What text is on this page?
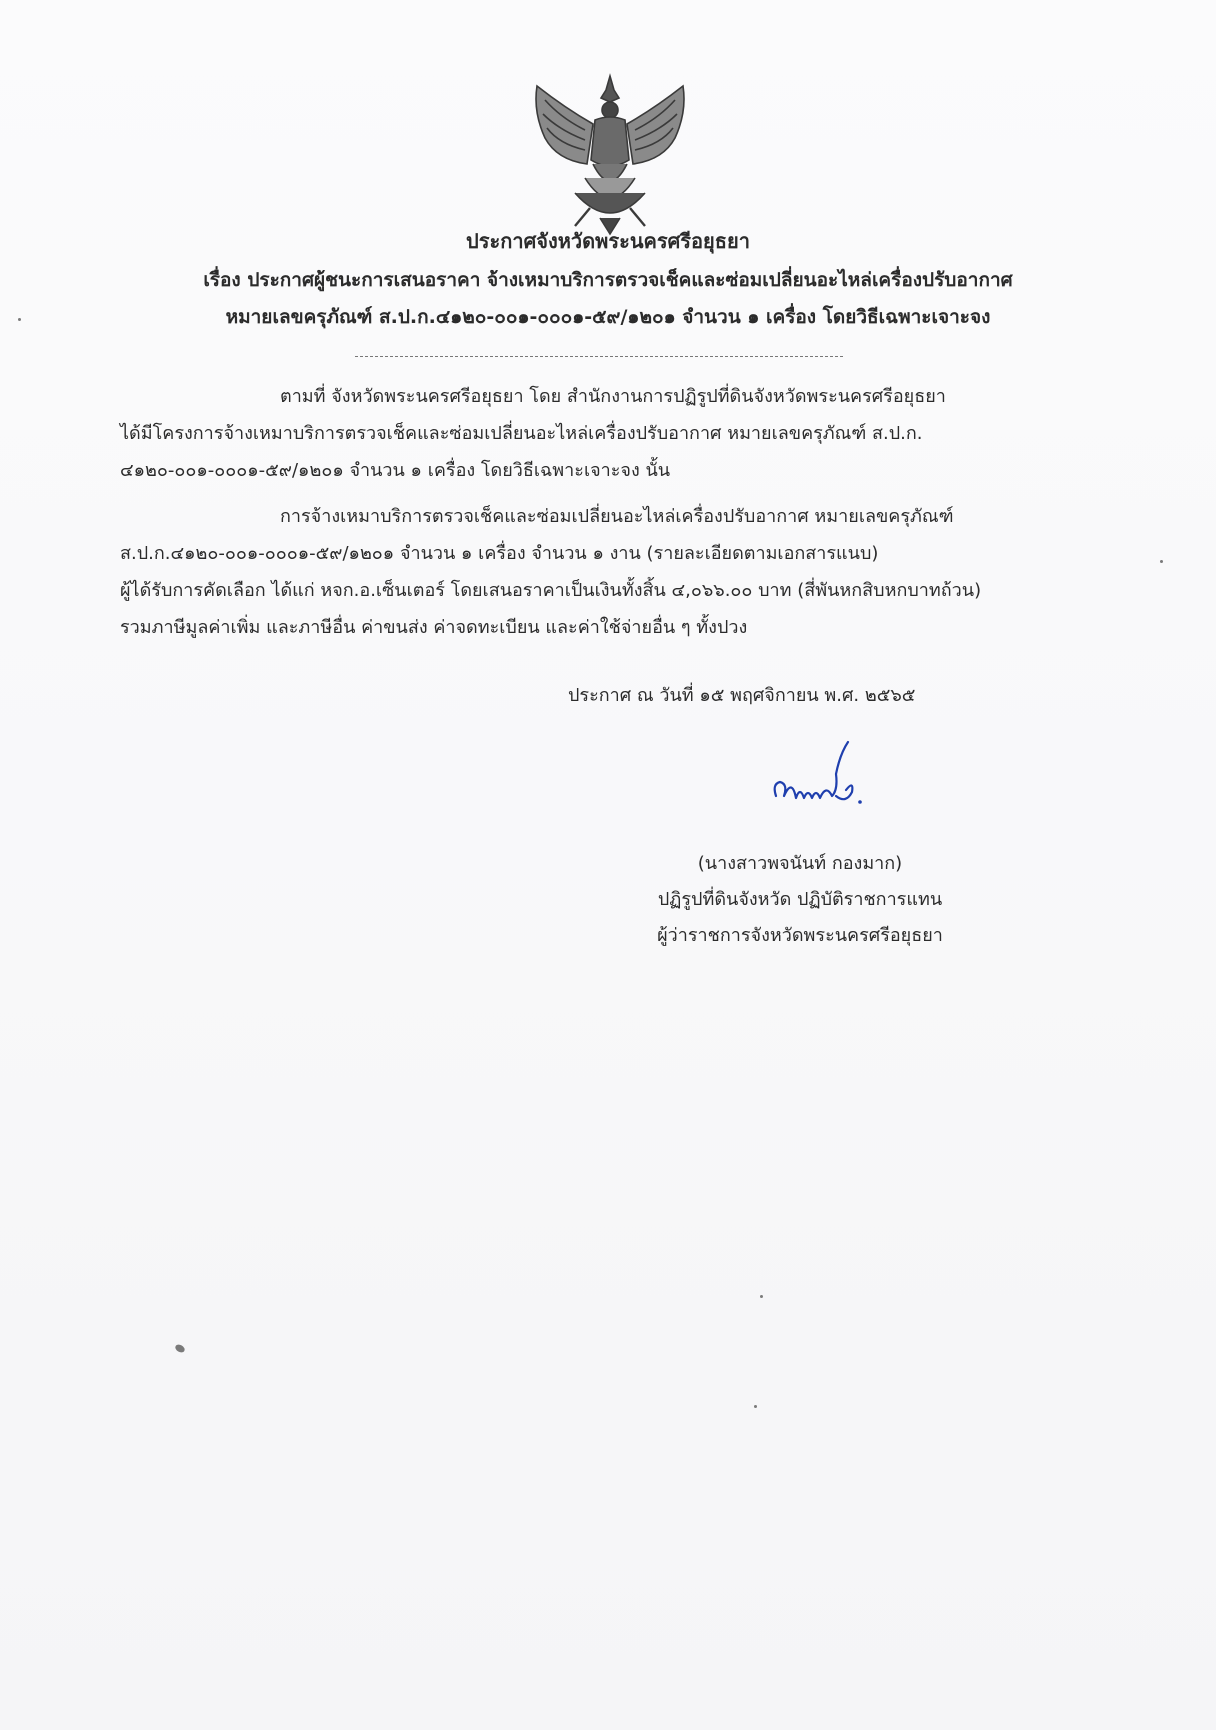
ประกาศจังหวัดพระนครศรีอยุธยา
เรื่อง ประกาศผู้ชนะการเสนอราคา จ้างเหมาบริการตรวจเช็คและซ่อมเปลี่ยนอะไหล่เครื่องปรับอากาศ
หมายเลขครุภัณฑ์ ส.ป.ก.๔๑๒๐-๐๐๑-๐๐๐๑-๕๙/๑๒๐๑ จำนวน ๑ เครื่อง โดยวิธีเฉพาะเจาะจง
ตามที่ จังหวัดพระนครศรีอยุธยา โดย สำนักงานการปฏิรูปที่ดินจังหวัดพระนครศรีอยุธยา
ได้มีโครงการจ้างเหมาบริการตรวจเช็คและซ่อมเปลี่ยนอะไหล่เครื่องปรับอากาศ หมายเลขครุภัณฑ์ ส.ป.ก.
๔๑๒๐-๐๐๑-๐๐๐๑-๕๙/๑๒๐๑ จำนวน ๑ เครื่อง โดยวิธีเฉพาะเจาะจง นั้น
การจ้างเหมาบริการตรวจเช็คและซ่อมเปลี่ยนอะไหล่เครื่องปรับอากาศ หมายเลขครุภัณฑ์
ส.ป.ก.๔๑๒๐-๐๐๑-๐๐๐๑-๕๙/๑๒๐๑ จำนวน ๑ เครื่อง จำนวน ๑ งาน (รายละเอียดตามเอกสารแนบ)
ผู้ได้รับการคัดเลือก ได้แก่ หจก.อ.เซ็นเตอร์ โดยเสนอราคาเป็นเงินทั้งสิ้น ๔,๐๖๖.๐๐ บาท (สี่พันหกสิบหกบาทถ้วน)
รวมภาษีมูลค่าเพิ่ม และภาษีอื่น ค่าขนส่ง ค่าจดทะเบียน และค่าใช้จ่ายอื่น ๆ ทั้งปวง
ประกาศ ณ วันที่ ๑๕ พฤศจิกายน พ.ศ. ๒๕๖๕
(นางสาวพจนันท์ กองมาก)
ปฏิรูปที่ดินจังหวัด ปฏิบัติราชการแทน
ผู้ว่าราชการจังหวัดพระนครศรีอยุธยา
